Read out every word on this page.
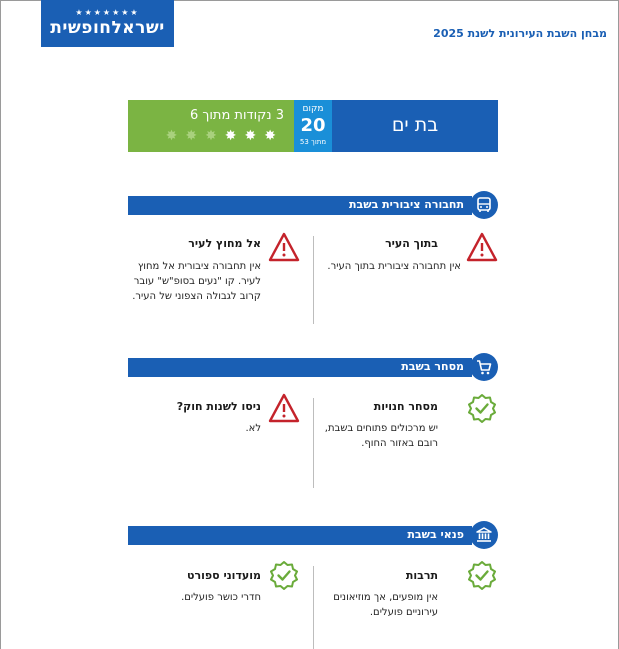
★★★★★★★
ישראלחופשית	מבחן השבת העירונית לשנת 2025
3 נקודות מתוך 6
✸✸✸✸✸✸
מקום
20
מתוך 53
בת ים
תחבורה ציבורית בשבת
בתוך העיר
אין תחבורה ציבורית בתוך העיר.
אל מחוץ לעיר
אין תחבורה ציבורית אל מחוץ
לעיר. קו "נעים בסופ"ש" עובר
קרוב לגבולה הצפוני של העיר.
מסחר בשבת
מסחר חנויות
יש מרכולים פתוחים בשבת,
רובם באזור החוף.
ניסו לשנות חוק?
לא.
פנאי בשבת
תרבות
אין מופעים, אך מוזיאונים
עירוניים פועלים.
מועדוני ספורט
חדרי כושר פועלים.
